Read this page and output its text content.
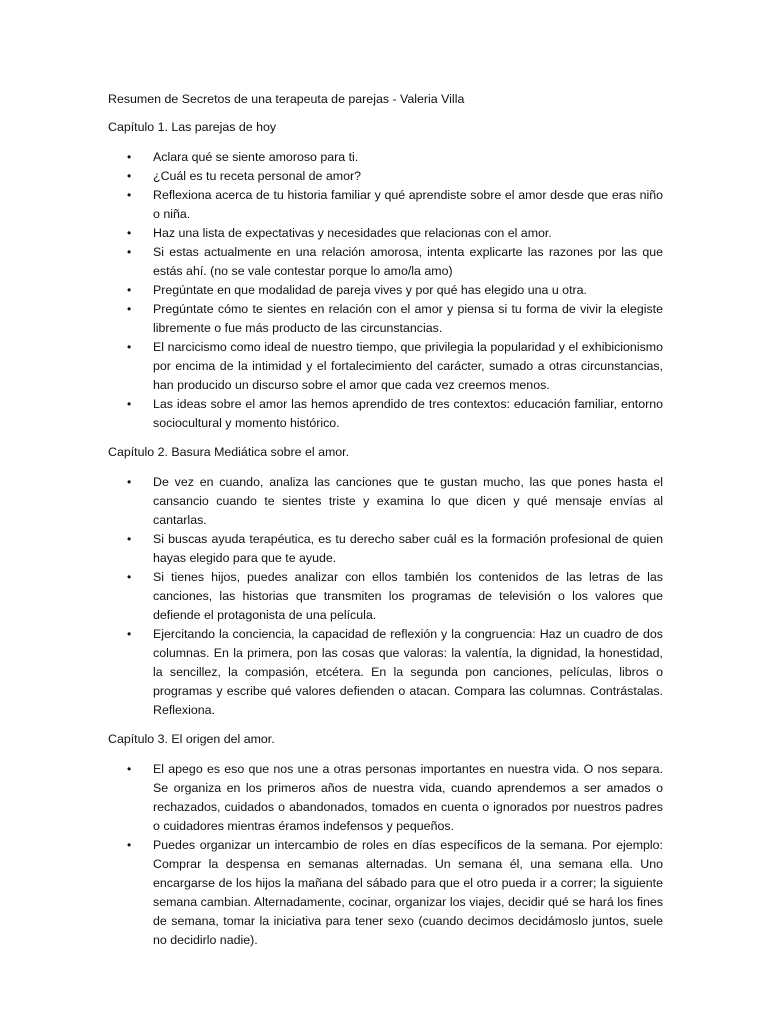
Resumen de Secretos de una terapeuta de parejas - Valeria Villa

Capítulo 1. Las parejas de hoy

• Aclara qué se siente amoroso para ti.
• ¿Cuál es tu receta personal de amor?
• Reflexiona acerca de tu historia familiar y qué aprendiste sobre el amor desde que eras niño o niña.
• Haz una lista de expectativas y necesidades que relacionas con el amor.
• Si estas actualmente en una relación amorosa, intenta explicarte las razones por las que estás ahí. (no se vale contestar porque lo amo/la amo)
• Pregúntate en que modalidad de pareja vives y por qué has elegido una u otra.
• Pregúntate cómo te sientes en relación con el amor y piensa si tu forma de vivir la elegiste libremente o fue más producto de las circunstancias.
• El narcicismo como ideal de nuestro tiempo, que privilegia la popularidad y el exhibicionismo por encima de la intimidad y el fortalecimiento del carácter, sumado a otras circunstancias, han producido un discurso sobre el amor que cada vez creemos menos.
• Las ideas sobre el amor las hemos aprendido de tres contextos: educación familiar, entorno sociocultural y momento histórico.

Capítulo 2. Basura Mediática sobre el amor.

• De vez en cuando, analiza las canciones que te gustan mucho, las que pones hasta el cansancio cuando te sientes triste y examina lo que dicen y qué mensaje envías al cantarlas.
• Si buscas ayuda terapéutica, es tu derecho saber cuál es la formación profesional de quien hayas elegido para que te ayude.
• Si tienes hijos, puedes analizar con ellos también los contenidos de las letras de las canciones, las historias que transmiten los programas de televisión o los valores que defiende el protagonista de una película.
• Ejercitando la conciencia, la capacidad de reflexión y la congruencia: Haz un cuadro de dos columnas. En la primera, pon las cosas que valoras: la valentía, la dignidad, la honestidad, la sencillez, la compasión, etcétera. En la segunda pon canciones, películas, libros o programas y escribe qué valores defienden o atacan. Compara las columnas. Contrástalas. Reflexiona.

Capítulo 3. El origen del amor.

• El apego es eso que nos une a otras personas importantes en nuestra vida. O nos separa. Se organiza en los primeros años de nuestra vida, cuando aprendemos a ser amados o rechazados, cuidados o abandonados, tomados en cuenta o ignorados por nuestros padres o cuidadores mientras éramos indefensos y pequeños.
• Puedes organizar un intercambio de roles en días específicos de la semana. Por ejemplo: Comprar la despensa en semanas alternadas. Un semana él, una semana ella. Uno encargarse de los hijos la mañana del sábado para que el otro pueda ir a correr; la siguiente semana cambian. Alternadamente, cocinar, organizar los viajes, decidir qué se hará los fines de semana, tomar la iniciativa para tener sexo (cuando decimos decidámoslo juntos, suele no decidirlo nadie).
